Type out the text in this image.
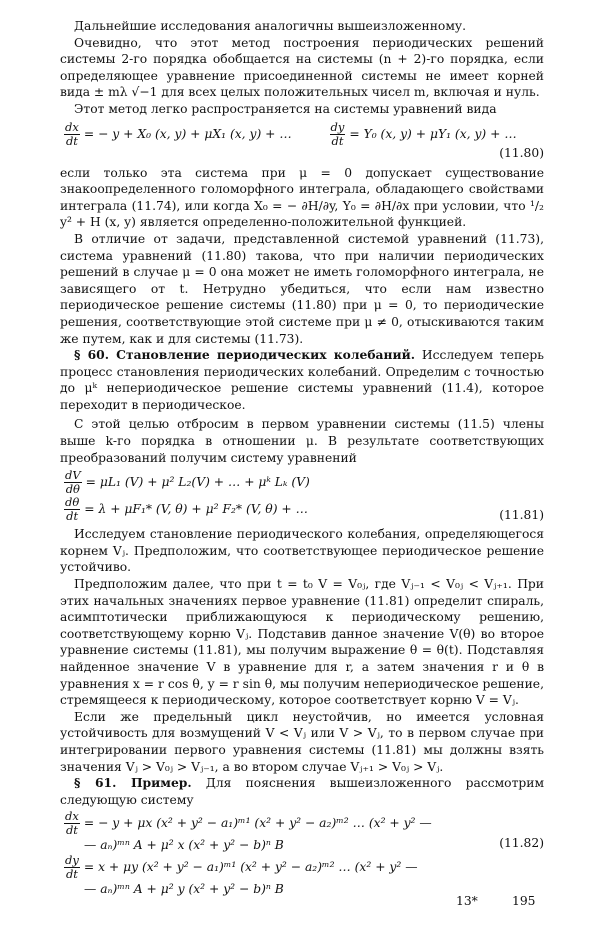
Дальнейшие исследования аналогичны вышеизложенному.

Очевидно, что этот метод построения периодических решений системы 2-го порядка обобщается на системы (n + 2)-го порядка, если определяющее уравнение присоединенной системы не имеет корней вида ± mλ √−1 для всех целых положительных чисел m, включая и нуль.

Этот метод легко распространяется на системы уравнений вида

$\frac{dx}{dt}$ = − y + X₀ (x, y) + μX₁ (x, y) + …	$\frac{dy}{dt} = Y_0$ (x, y) + μY₁ (x, y) + …
(11.80)

если только эта система при μ = 0 допускает существование знакоопределенного голоморфного интеграла, обладающего свойствами интеграла (11.74), или когда X₀ = − ∂H/∂y, Y₀ = ∂H/∂x при условии, что ¹/₂ y² + H (x, y) является определенно-положительной функцией.

В отличие от задачи, представленной системой уравнений (11.73), система уравнений (11.80) такова, что при наличии периодических решений в случае μ = 0 она может не иметь голоморфного интеграла, не зависящего от t. Нетрудно убедиться, что если нам известно периодическое решение системы (11.80) при μ = 0, то периодические решения, соответствующие этой системе при μ ≠ 0, отыскиваются таким же путем, как и для системы (11.73).

§ 60. Становление периодических колебаний. Исследуем теперь процесс становления периодических колебаний. Определим с точностью до μᵏ непериодическое решение системы уравнений (11.4), которое переходит в периодическое.

С этой целью отбросим в первом уравнении системы (11.5) члены выше k-го порядка в отношении μ. В результате соответствующих преобразований получим систему уравнений

$\frac{dV}{d\theta} = \mu L_1$ (V) + μ² L₂(V) + … + μᵏ Lₖ (V)
$\frac{d\theta}{dt} = \lambda + \mu F_1*$ (V, θ) + μ² F₂* (V, θ) + …	(11.81)

Исследуем становление периодического колебания, определяющегося корнем Vⱼ. Предположим, что соответствующее периодическое решение устойчиво.

Предположим далее, что при t = t₀ V = V₀ⱼ, где Vⱼ₋₁ < V₀ⱼ < Vⱼ₊₁. При этих начальных значениях первое уравнение (11.81) определит спираль, асимптотически приближающуюся к периодическому решению, соответствующему корню Vⱼ. Подставив данное значение V(θ) во второе уравнение системы (11.81), мы получим выражение θ = θ(t). Подставляя найденное значение V в уравнение для r, а затем значения r и θ в уравнения x = r cos θ, y = r sin θ, мы получим непериодическое решение, стремящееся к периодическому, которое соответствует корню V = Vⱼ.

Если же предельный цикл неустойчив, но имеется условная устойчивость для возмущений V < Vⱼ или V > Vⱼ, то в первом случае при интегрировании первого уравнения системы (11.81) мы должны взять значения Vⱼ > V₀ⱼ > Vⱼ₋₁, а во втором случае Vⱼ₊₁ > V₀ⱼ > Vⱼ.

§ 61. Пример. Для пояснения вышеизложенного рассмотрим следующую систему

$\frac{dx}{dt}$ = − y + μx (x² + y² − a₁)ᵐ¹ (x² + y² − a₂)ᵐ² … (x² + y² —
— aₙ)ᵐⁿ A + μ² x (x² + y² − b)ⁿ B
$\frac{dy}{dt} = x + \mu y$ (x² + y² − a₁)ᵐ¹ (x² + y² − a₂)ᵐ² … (x² + y² —
— aₙ)ᵐⁿ A + μ² y (x² + y² − b)ⁿ B
(11.82)
13*	195
